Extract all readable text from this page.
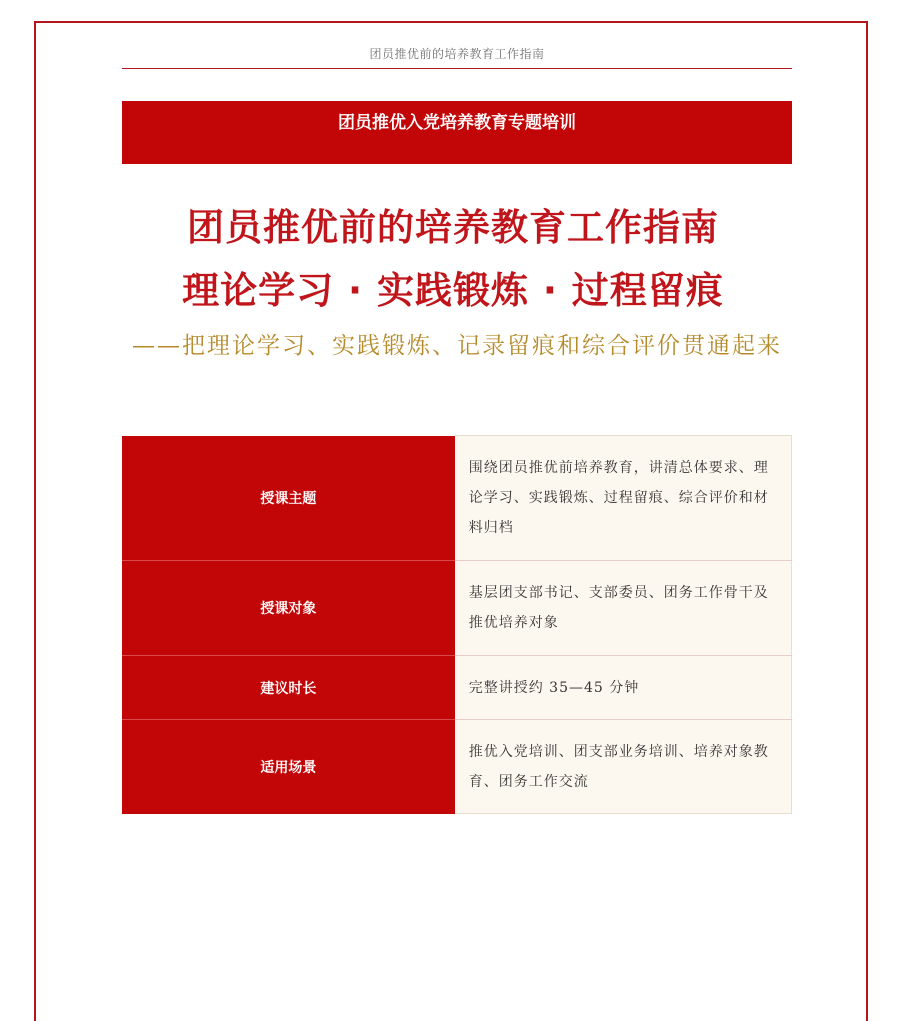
团员推优前的培养教育工作指南
团员推优入党培养教育专题培训
团员推优前的培养教育工作指南
理论学习 · 实践锻炼 · 过程留痕
——把理论学习、实践锻炼、记录留痕和综合评价贯通起来
授课主题	围绕团员推优前培养教育，讲清总体要求、理论学习、实践锻炼、过程留痕、综合评价和材料归档
授课对象	基层团支部书记、支部委员、团务工作骨干及推优培养对象
建议时长	完整讲授约 35—45 分钟
适用场景	推优入党培训、团支部业务培训、培养对象教育、团务工作交流
